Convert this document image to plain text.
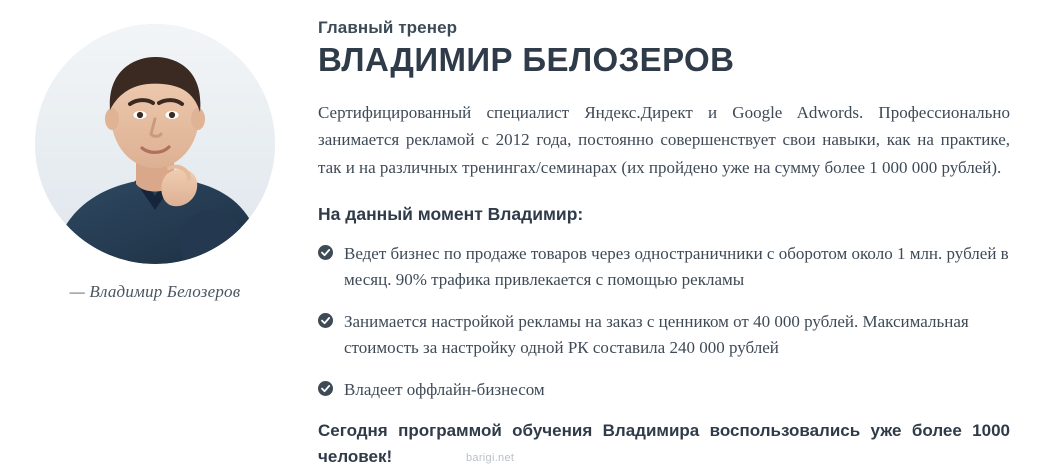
— Владимир Белозеров
Главный тренер
ВЛАДИМИР БЕЛОЗЕРОВ

Сертифицированный специалист Яндекс.Директ и Google Adwords. Профессионально занимается рекламой с 2012 года, постоянно совершенствует свои навыки, как на практике, так и на различных тренингах/семинарах (их пройдено уже на сумму более 1 000 000 рублей).

На данный момент Владимир:
Ведет бизнес по продаже товаров через одностраничники с оборотом около 1 млн. рублей в месяц. 90% трафика привлекается с помощью рекламы
Занимается настройкой рекламы на заказ с ценником от 40 000 рублей. Максимальная стоимость за настройку одной РК составила 240 000 рублей
Владеет оффлайн-бизнесом

Сегодня программой обучения Владимира воспользовались уже более 1000 человек!	barigi.net
